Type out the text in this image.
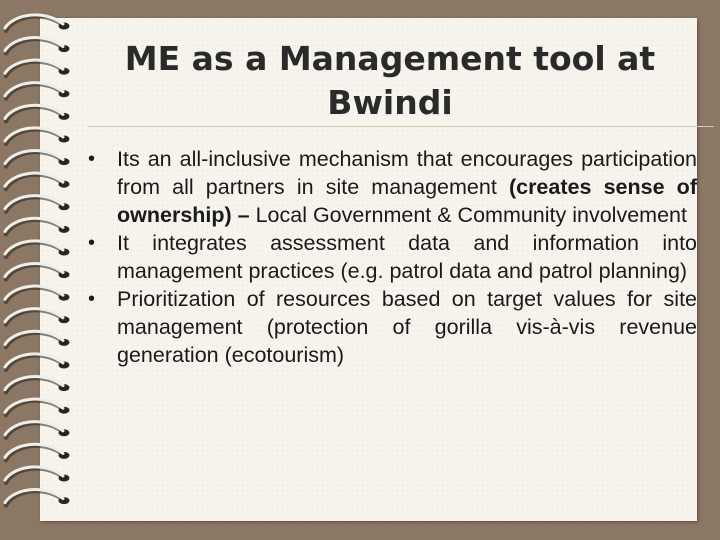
ME as a Management tool at
Bwindi
• Its an all-inclusive mechanism that encourages participation from all partners in site management (creates sense of ownership) – Local Government & Community involvement
• It integrates assessment data and information into management practices (e.g. patrol data and patrol planning)
• Prioritization of resources based on target values for site management (protection of gorilla vis-à-vis revenue generation (ecotourism)
